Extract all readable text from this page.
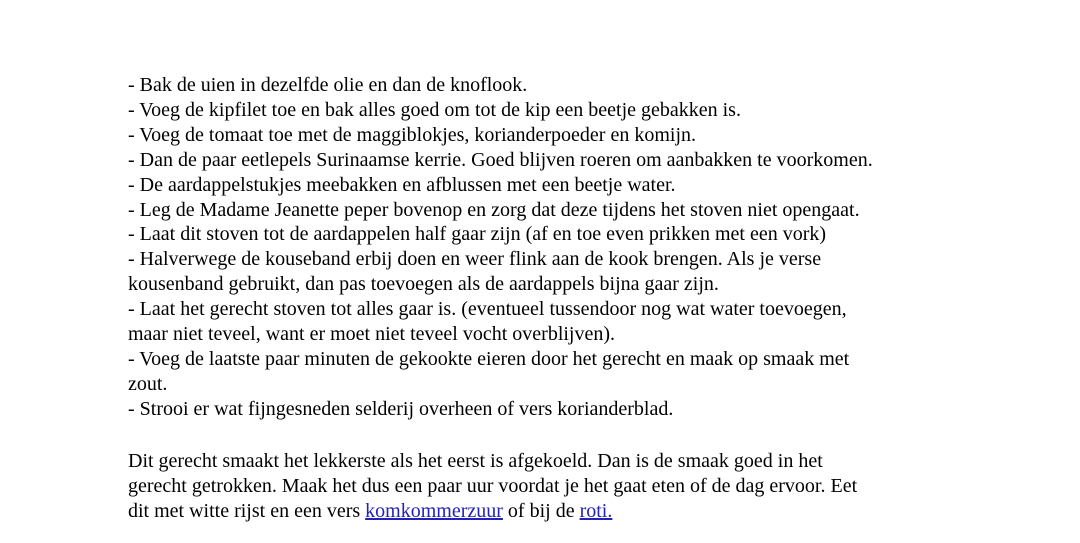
- Bak de uien in dezelfde olie en dan de knoflook.
- Voeg de kipfilet toe en bak alles goed om tot de kip een beetje gebakken is.
- Voeg de tomaat toe met de maggiblokjes, korianderpoeder en komijn.
- Dan de paar eetlepels Surinaamse kerrie. Goed blijven roeren om aanbakken te voorkomen.
- De aardappelstukjes meebakken en afblussen met een beetje water.
- Leg de Madame Jeanette peper bovenop en zorg dat deze tijdens het stoven niet opengaat.
- Laat dit stoven tot de aardappelen half gaar zijn (af en toe even prikken met een vork)
- Halverwege de kouseband erbij doen en weer flink aan de kook brengen. Als je verse
kousenband gebruikt, dan pas toevoegen als de aardappels bijna gaar zijn.
- Laat het gerecht stoven tot alles gaar is. (eventueel tussendoor nog wat water toevoegen,
maar niet teveel, want er moet niet teveel vocht overblijven).
- Voeg de laatste paar minuten de gekookte eieren door het gerecht en maak op smaak met
zout.
- Strooi er wat fijngesneden selderij overheen of vers korianderblad.
Dit gerecht smaakt het lekkerste als het eerst is afgekoeld. Dan is de smaak goed in het
gerecht getrokken. Maak het dus een paar uur voordat je het gaat eten of de dag ervoor. Eet
dit met witte rijst en een vers komkommerzuur of bij de roti.
